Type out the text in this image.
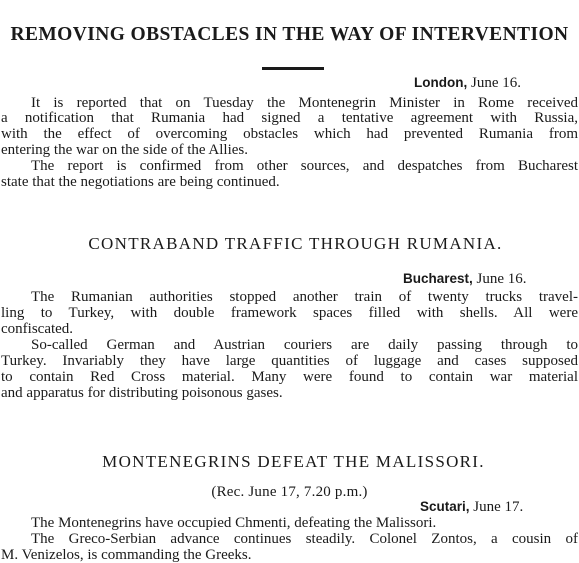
REMOVING OBSTACLES IN THE WAY OF INTERVENTION
London, June 16.
It is reported that on Tuesday the Montenegrin Minister in Rome received
a notification that Rumania had signed a tentative agreement with Russia,
with the effect of overcoming obstacles which had prevented Rumania from
entering the war on the side of the Allies.
The report is confirmed from other sources, and despatches from Bucharest
state that the negotiations are being continued.
CONTRABAND TRAFFIC THROUGH RUMANIA.
Bucharest, June 16.
The Rumanian authorities stopped another train of twenty trucks travel-
ling to Turkey, with double framework spaces filled with shells. All were
confiscated.
So-called German and Austrian couriers are daily passing through to
Turkey. Invariably they have large quantities of luggage and cases supposed
to contain Red Cross material. Many were found to contain war material
and apparatus for distributing poisonous gases.
MONTENEGRINS DEFEAT THE MALISSORI.
(Rec. June 17, 7.20 p.m.)
Scutari, June 17.
The Montenegrins have occupied Chmenti, defeating the Malissori.
The Greco-Serbian advance continues steadily. Colonel Zontos, a cousin of
M. Venizelos, is commanding the Greeks.
